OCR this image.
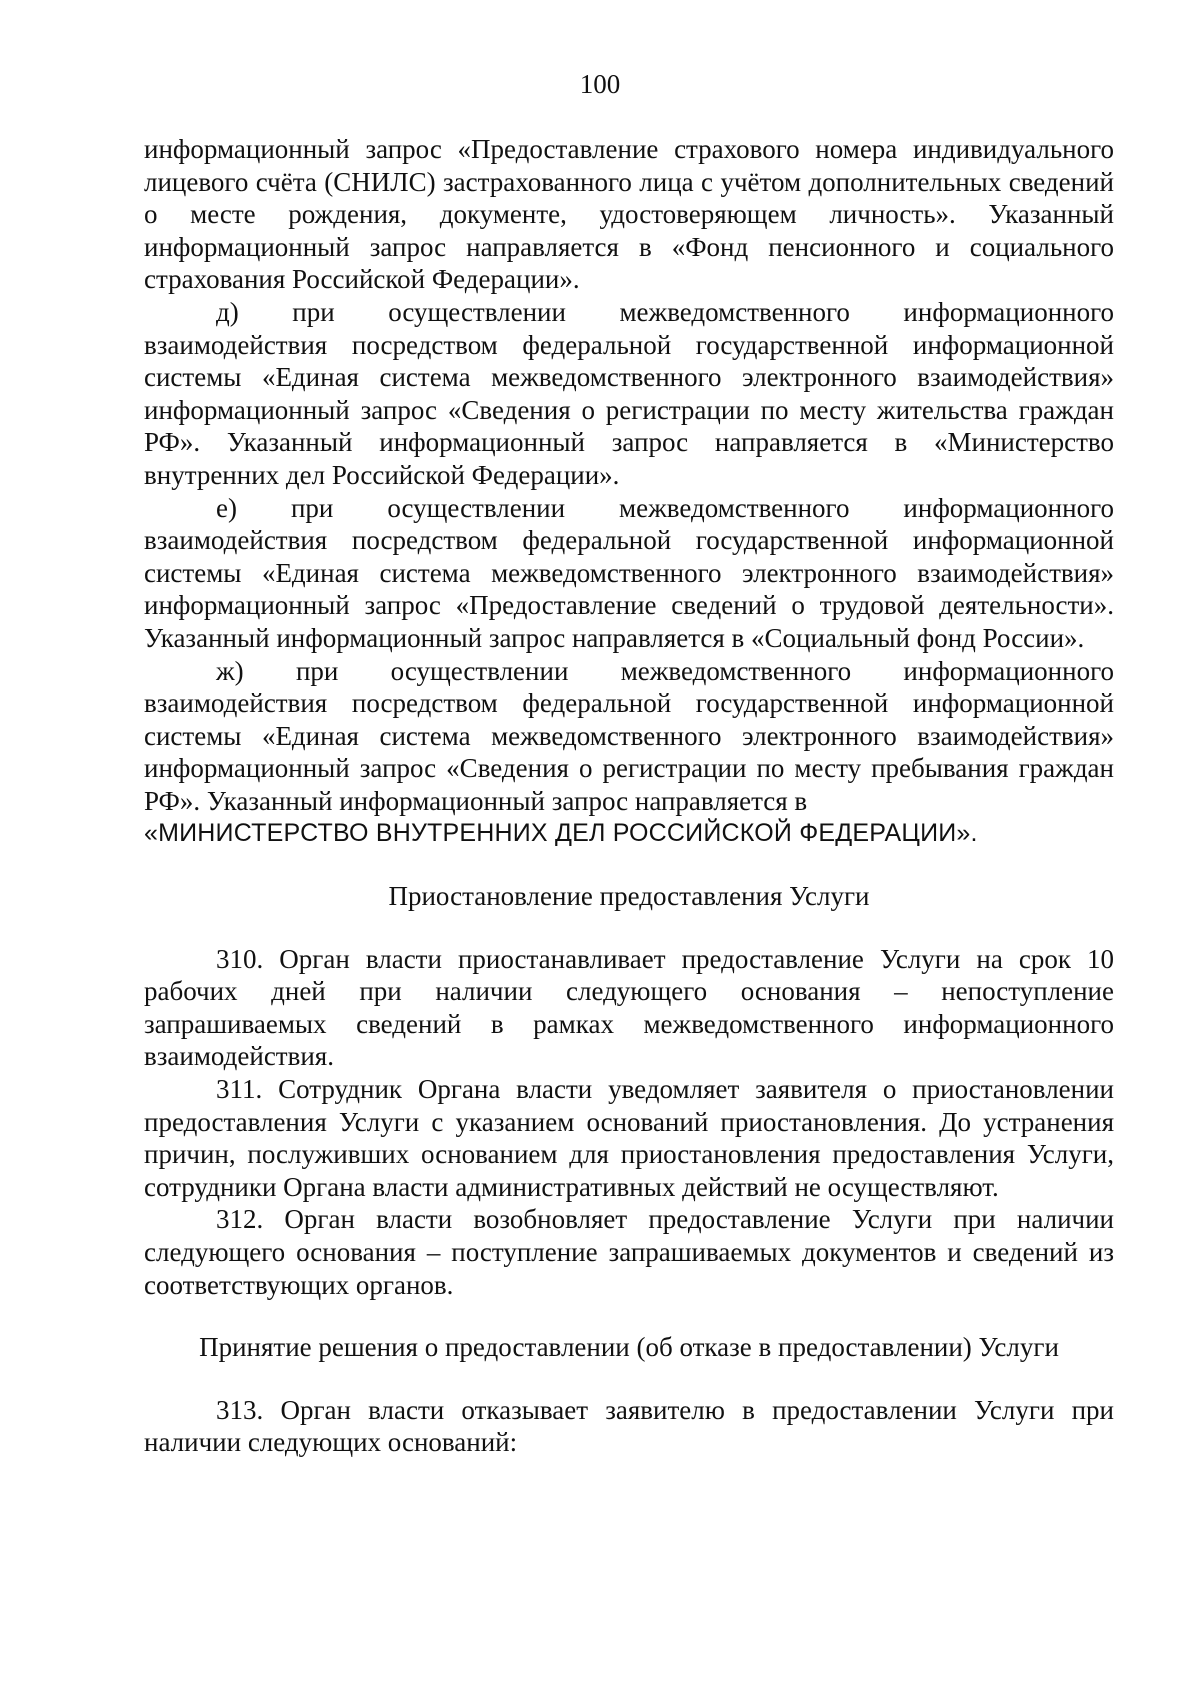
100

информационный запрос «Предоставление страхового номера индивидуального лицевого счёта (СНИЛС) застрахованного лица с учётом дополнительных сведений о месте рождения, документе, удостоверяющем личность». Указанный информационный запрос направляется в «Фонд пенсионного и социального страхования Российской Федерации».

д) при осуществлении межведомственного информационного взаимодействия посредством федеральной государственной информационной системы «Единая система межведомственного электронного взаимодействия» информационный запрос «Сведения о регистрации по месту жительства граждан РФ». Указанный информационный запрос направляется в «Министерство внутренних дел Российской Федерации».

е) при осуществлении межведомственного информационного взаимодействия посредством федеральной государственной информационной системы «Единая система межведомственного электронного взаимодействия» информационный запрос «Предоставление сведений о трудовой деятельности». Указанный информационный запрос направляется в «Социальный фонд России».

ж) при осуществлении межведомственного информационного взаимодействия посредством федеральной государственной информационной системы «Единая система межведомственного электронного взаимодействия» информационный запрос «Сведения о регистрации по месту пребывания граждан РФ». Указанный информационный запрос направляется в

«МИНИСТЕРСТВО ВНУТРЕННИХ ДЕЛ РОССИЙСКОЙ ФЕДЕРАЦИИ».

Приостановление предоставления Услуги

310. Орган власти приостанавливает предоставление Услуги на срок 10 рабочих дней при наличии следующего основания – непоступление запрашиваемых сведений в рамках межведомственного информационного взаимодействия.

311. Сотрудник Органа власти уведомляет заявителя о приостановлении предоставления Услуги с указанием оснований приостановления. До устранения причин, послуживших основанием для приостановления предоставления Услуги, сотрудники Органа власти административных действий не осуществляют.

312. Орган власти возобновляет предоставление Услуги при наличии следующего основания – поступление запрашиваемых документов и сведений из соответствующих органов.

Принятие решения о предоставлении (об отказе в предоставлении) Услуги

313. Орган власти отказывает заявителю в предоставлении Услуги при наличии следующих оснований:
